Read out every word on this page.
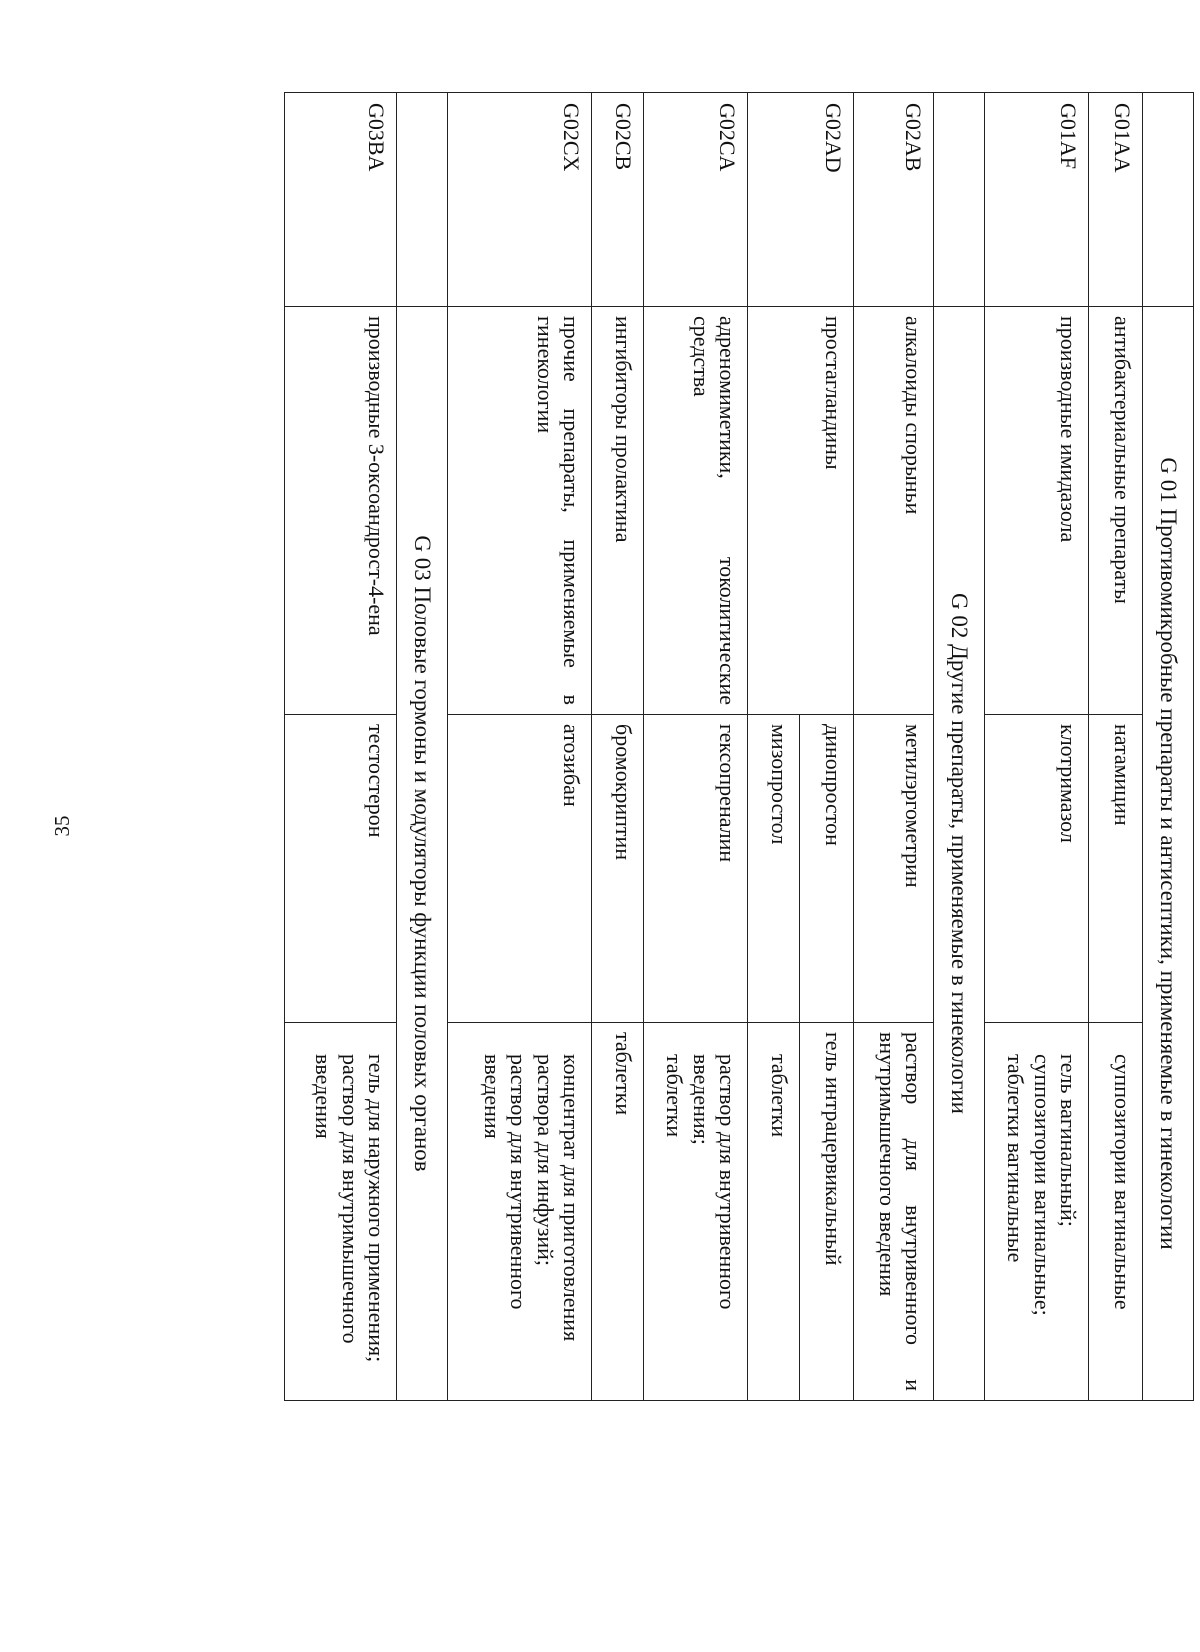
35
		G 01 Противомикробные препараты и антисептики, применяемые в гинекологии		
G01AA	антибактериальные препараты	натамицин	суппозитории вагинальные

G01AF	производные имидазола	клотримазол	гель вагинальный;
суппозитории вагинальные;
таблетки вагинальные

	G 02 Другие препараты, применяемые в гинекологии		
G02AB	алкалоиды спорыньи	метилэргометрин	раствор для внутривенного и внутримышечного введения
G02AD	простагландины	динопростон	гель интрацервикальный
		мизопростол	таблетки

G02CA	адреномиметики, токолитические средства	гексопреналин	раствор для внутривенного введения;
таблетки

G02CB	ингибиторы пролактина	бромокриптин	таблетки
G02CX	прочие препараты, применяемые в гинекологии	атозибан	концентрат для приготовления раствора для инфузий;
раствор для внутривенного введения

	G 03 Половые гормоны и модуляторы функции половых органов		
G03BA	производные 3-оксоандрост-4-ена	тестостерон	гель для наружного применения;
раствор для внутримышечного введения
